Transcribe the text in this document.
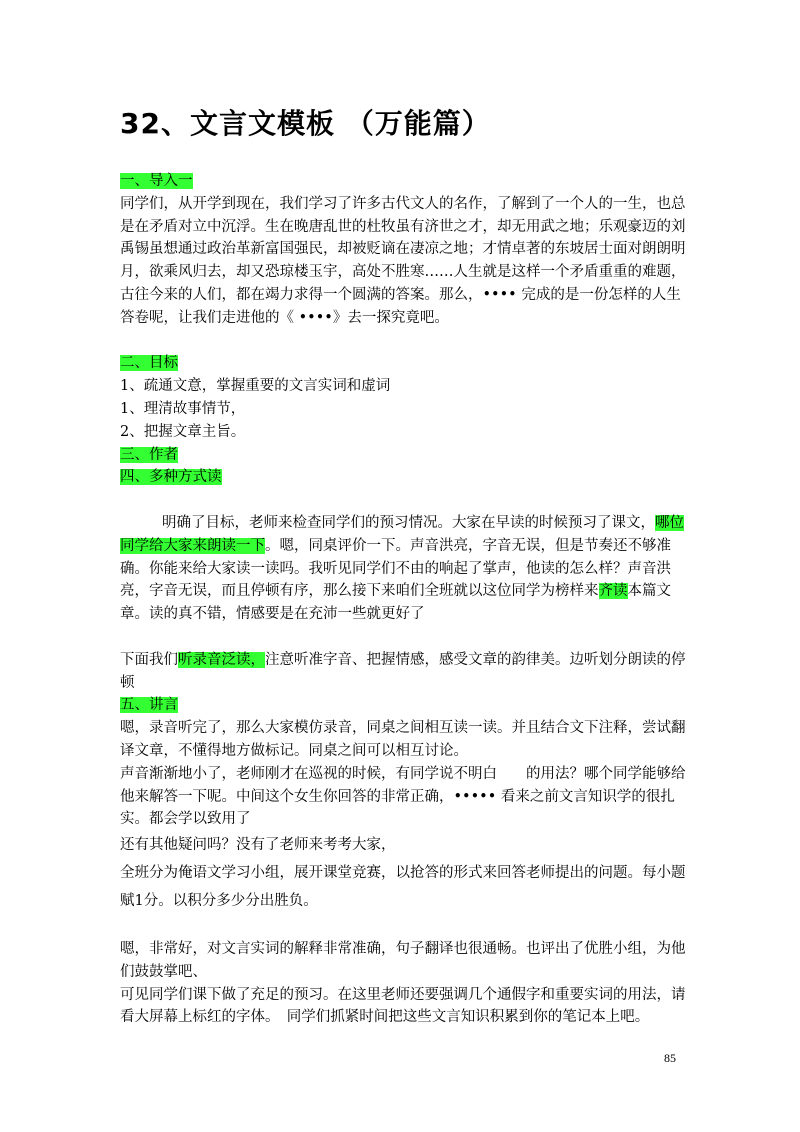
32、文言文模板 （万能篇）

一、导入一

同学们，从开学到现在，我们学习了许多古代文人的名作，了解到了一个人的一生，也总是在矛盾对立中沉浮。生在晚唐乱世的杜牧虽有济世之才，却无用武之地；乐观豪迈的刘禹锡虽想通过政治革新富国强民，却被贬谪在凄凉之地；才情卓著的东坡居士面对朗朗明月，欲乘风归去，却又恐琼楼玉宇，高处不胜寒……人生就是这样一个矛盾重重的难题，古往今来的人们，都在竭力求得一个圆满的答案。那么，•••• 完成的是一份怎样的人生答卷呢，让我们走进他的《 ••••》去一探究竟吧。

二、目标

1、疏通文意，掌握重要的文言实词和虚词

1、理清故事情节，

2、把握文章主旨。

三、作者

四、多种方式读

明确了目标，老师来检查同学们的预习情况。大家在早读的时候预习了课文，哪位同学给大家来朗读一下。嗯，同桌评价一下。声音洪亮，字音无误，但是节奏还不够准确。你能来给大家读一读吗。我听见同学们不由的响起了掌声，他读的怎么样？声音洪亮，字音无误，而且停顿有序，那么接下来咱们全班就以这位同学为榜样来齐读本篇文章。读的真不错，情感要是在充沛一些就更好了

下面我们听录音泛读，注意听准字音、把握情感，感受文章的韵律美。边听划分朗读的停顿

五、讲言

嗯，录音听完了，那么大家模仿录音，同桌之间相互读一读。并且结合文下注释，尝试翻译文章，不懂得地方做标记。同桌之间可以相互讨论。

声音渐渐地小了，老师刚才在巡视的时候，有同学说不明白　　的用法？哪个同学能够给他来解答一下呢。中间这个女生你回答的非常正确，••••• 看来之前文言知识学的很扎实。都会学以致用了

还有其他疑问吗？没有了老师来考考大家，

全班分为俺语文学习小组，展开课堂竞赛，以抢答的形式来回答老师提出的问题。每小题赋1分。以积分多少分出胜负。

嗯，非常好，对文言实词的解释非常准确，句子翻译也很通畅。也评出了优胜小组，为他们鼓鼓掌吧、

可见同学们课下做了充足的预习。在这里老师还要强调几个通假字和重要实词的用法，请看大屏幕上标红的字体。　同学们抓紧时间把这些文言知识积累到你的笔记本上吧。

85
